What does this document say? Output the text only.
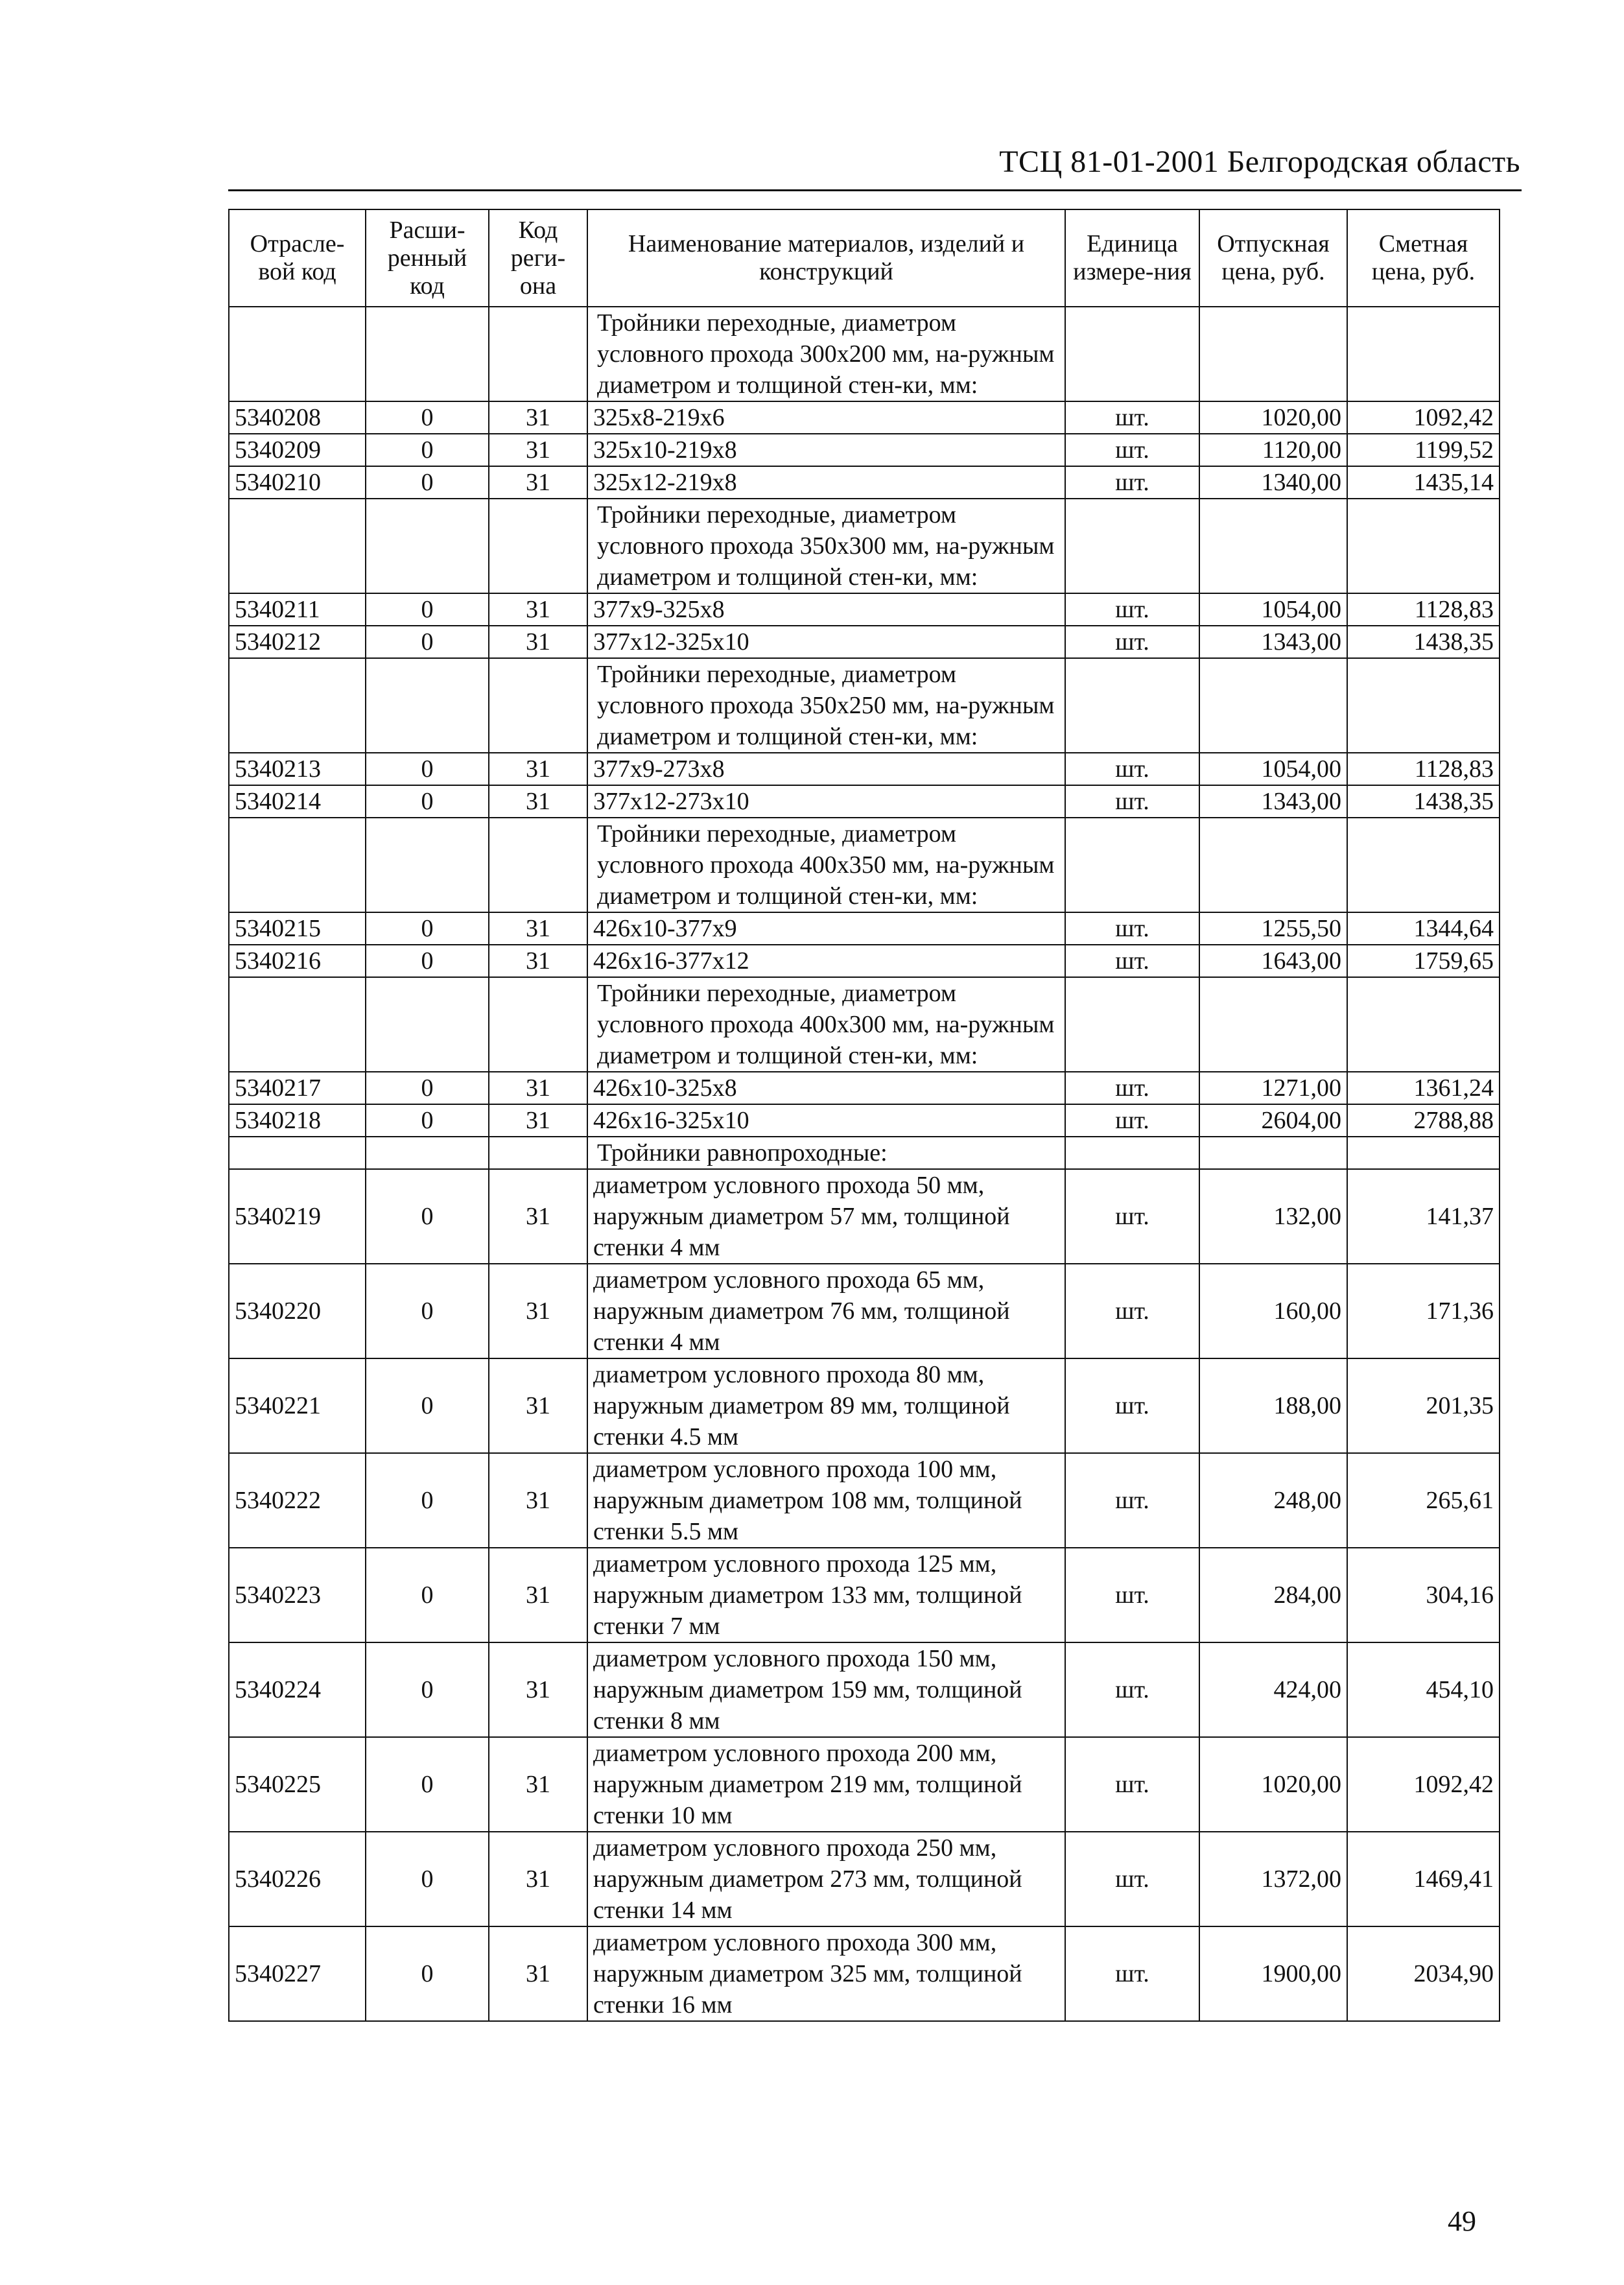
ТСЦ 81-01-2001 Белгородская область
Отрасле-вой код	Расши-ренный код	Код реги-она	Наименование материалов, изделий и конструкций	Единица измере-ния	Отпускная цена, руб.	Сметная цена, руб.
			Тройники переходные, диаметром условного прохода 300х200 мм, на-ружным диаметром и толщиной стен-ки, мм:			
5340208	0	31	325х8-219х6	шт.	1020,00	1092,42
5340209	0	31	325х10-219х8	шт.	1120,00	1199,52
5340210	0	31	325х12-219х8	шт.	1340,00	1435,14
			Тройники переходные, диаметром условного прохода 350х300 мм, на-ружным диаметром и толщиной стен-ки, мм:			
5340211	0	31	377х9-325х8	шт.	1054,00	1128,83
5340212	0	31	377х12-325х10	шт.	1343,00	1438,35
			Тройники переходные, диаметром условного прохода 350х250 мм, на-ружным диаметром и толщиной стен-ки, мм:			
5340213	0	31	377х9-273х8	шт.	1054,00	1128,83
5340214	0	31	377х12-273х10	шт.	1343,00	1438,35
			Тройники переходные, диаметром условного прохода 400х350 мм, на-ружным диаметром и толщиной стен-ки, мм:			
5340215	0	31	426х10-377х9	шт.	1255,50	1344,64
5340216	0	31	426х16-377х12	шт.	1643,00	1759,65
			Тройники переходные, диаметром условного прохода 400х300 мм, на-ружным диаметром и толщиной стен-ки, мм:			
5340217	0	31	426х10-325х8	шт.	1271,00	1361,24
5340218	0	31	426х16-325х10	шт.	2604,00	2788,88
			Тройники равнопроходные:			
5340219	0	31	диаметром условного прохода 50 мм, наружным диаметром 57 мм, толщиной стенки 4 мм	шт.	132,00	141,37
5340220	0	31	диаметром условного прохода 65 мм, наружным диаметром 76 мм, толщиной стенки 4 мм	шт.	160,00	171,36
5340221	0	31	диаметром условного прохода 80 мм, наружным диаметром 89 мм, толщиной стенки 4.5 мм	шт.	188,00	201,35
5340222	0	31	диаметром условного прохода 100 мм, наружным диаметром 108 мм, толщиной стенки 5.5 мм	шт.	248,00	265,61
5340223	0	31	диаметром условного прохода 125 мм, наружным диаметром 133 мм, толщиной стенки 7 мм	шт.	284,00	304,16
5340224	0	31	диаметром условного прохода 150 мм, наружным диаметром 159 мм, толщиной стенки 8 мм	шт.	424,00	454,10
5340225	0	31	диаметром условного прохода 200 мм, наружным диаметром 219 мм, толщиной стенки 10 мм	шт.	1020,00	1092,42
5340226	0	31	диаметром условного прохода 250 мм, наружным диаметром 273 мм, толщиной стенки 14 мм	шт.	1372,00	1469,41
5340227	0	31	диаметром условного прохода 300 мм, наружным диаметром 325 мм, толщиной стенки 16 мм	шт.	1900,00	2034,90
49
